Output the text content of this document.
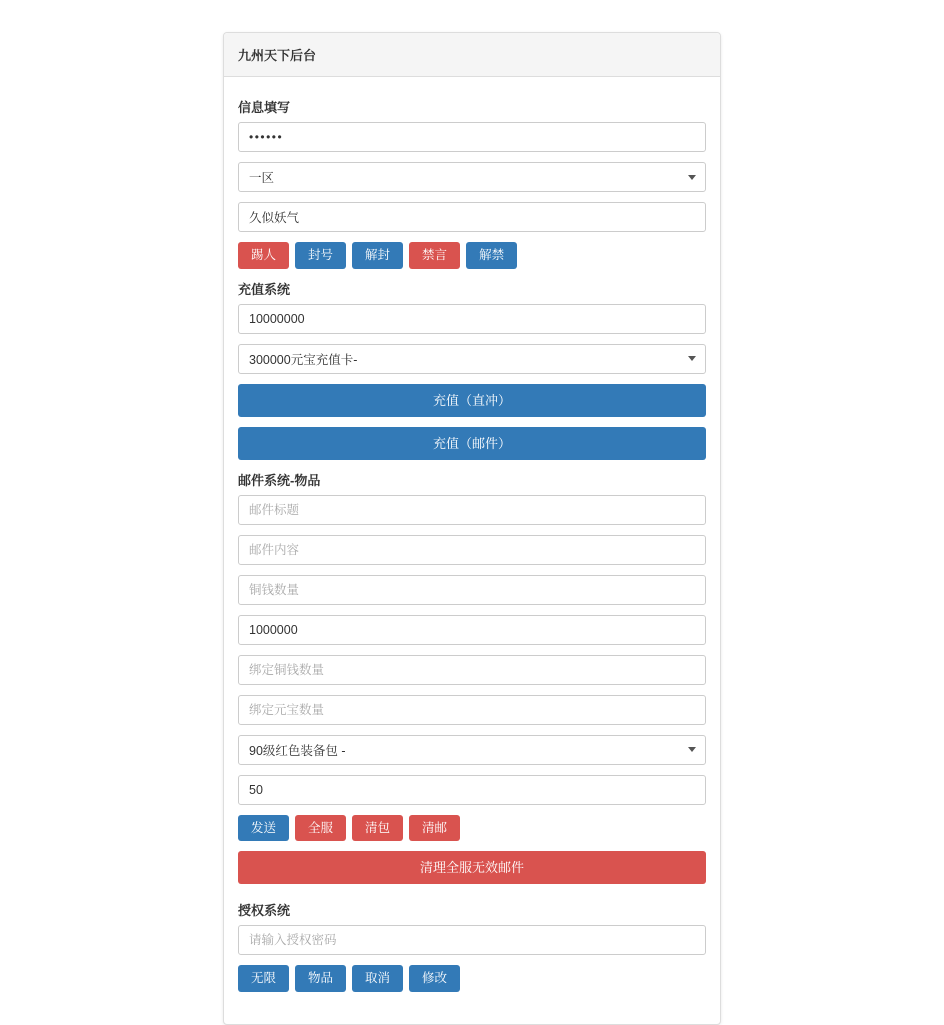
九州天下后台
信息填写
••••••
一区
久似妖气
踢人	封号	解封	禁言	解禁
充值系统
10000000
300000元宝充值卡-
充值（直冲）
充值（邮件）
邮件系统-物品
邮件标题
邮件内容
铜钱数量
1000000
绑定铜钱数量
绑定元宝数量
90级红色装备包 -
50
发送	全服	清包	清邮
清理全服无效邮件
授权系统
请输入授权密码
无限	物品	取消	修改
